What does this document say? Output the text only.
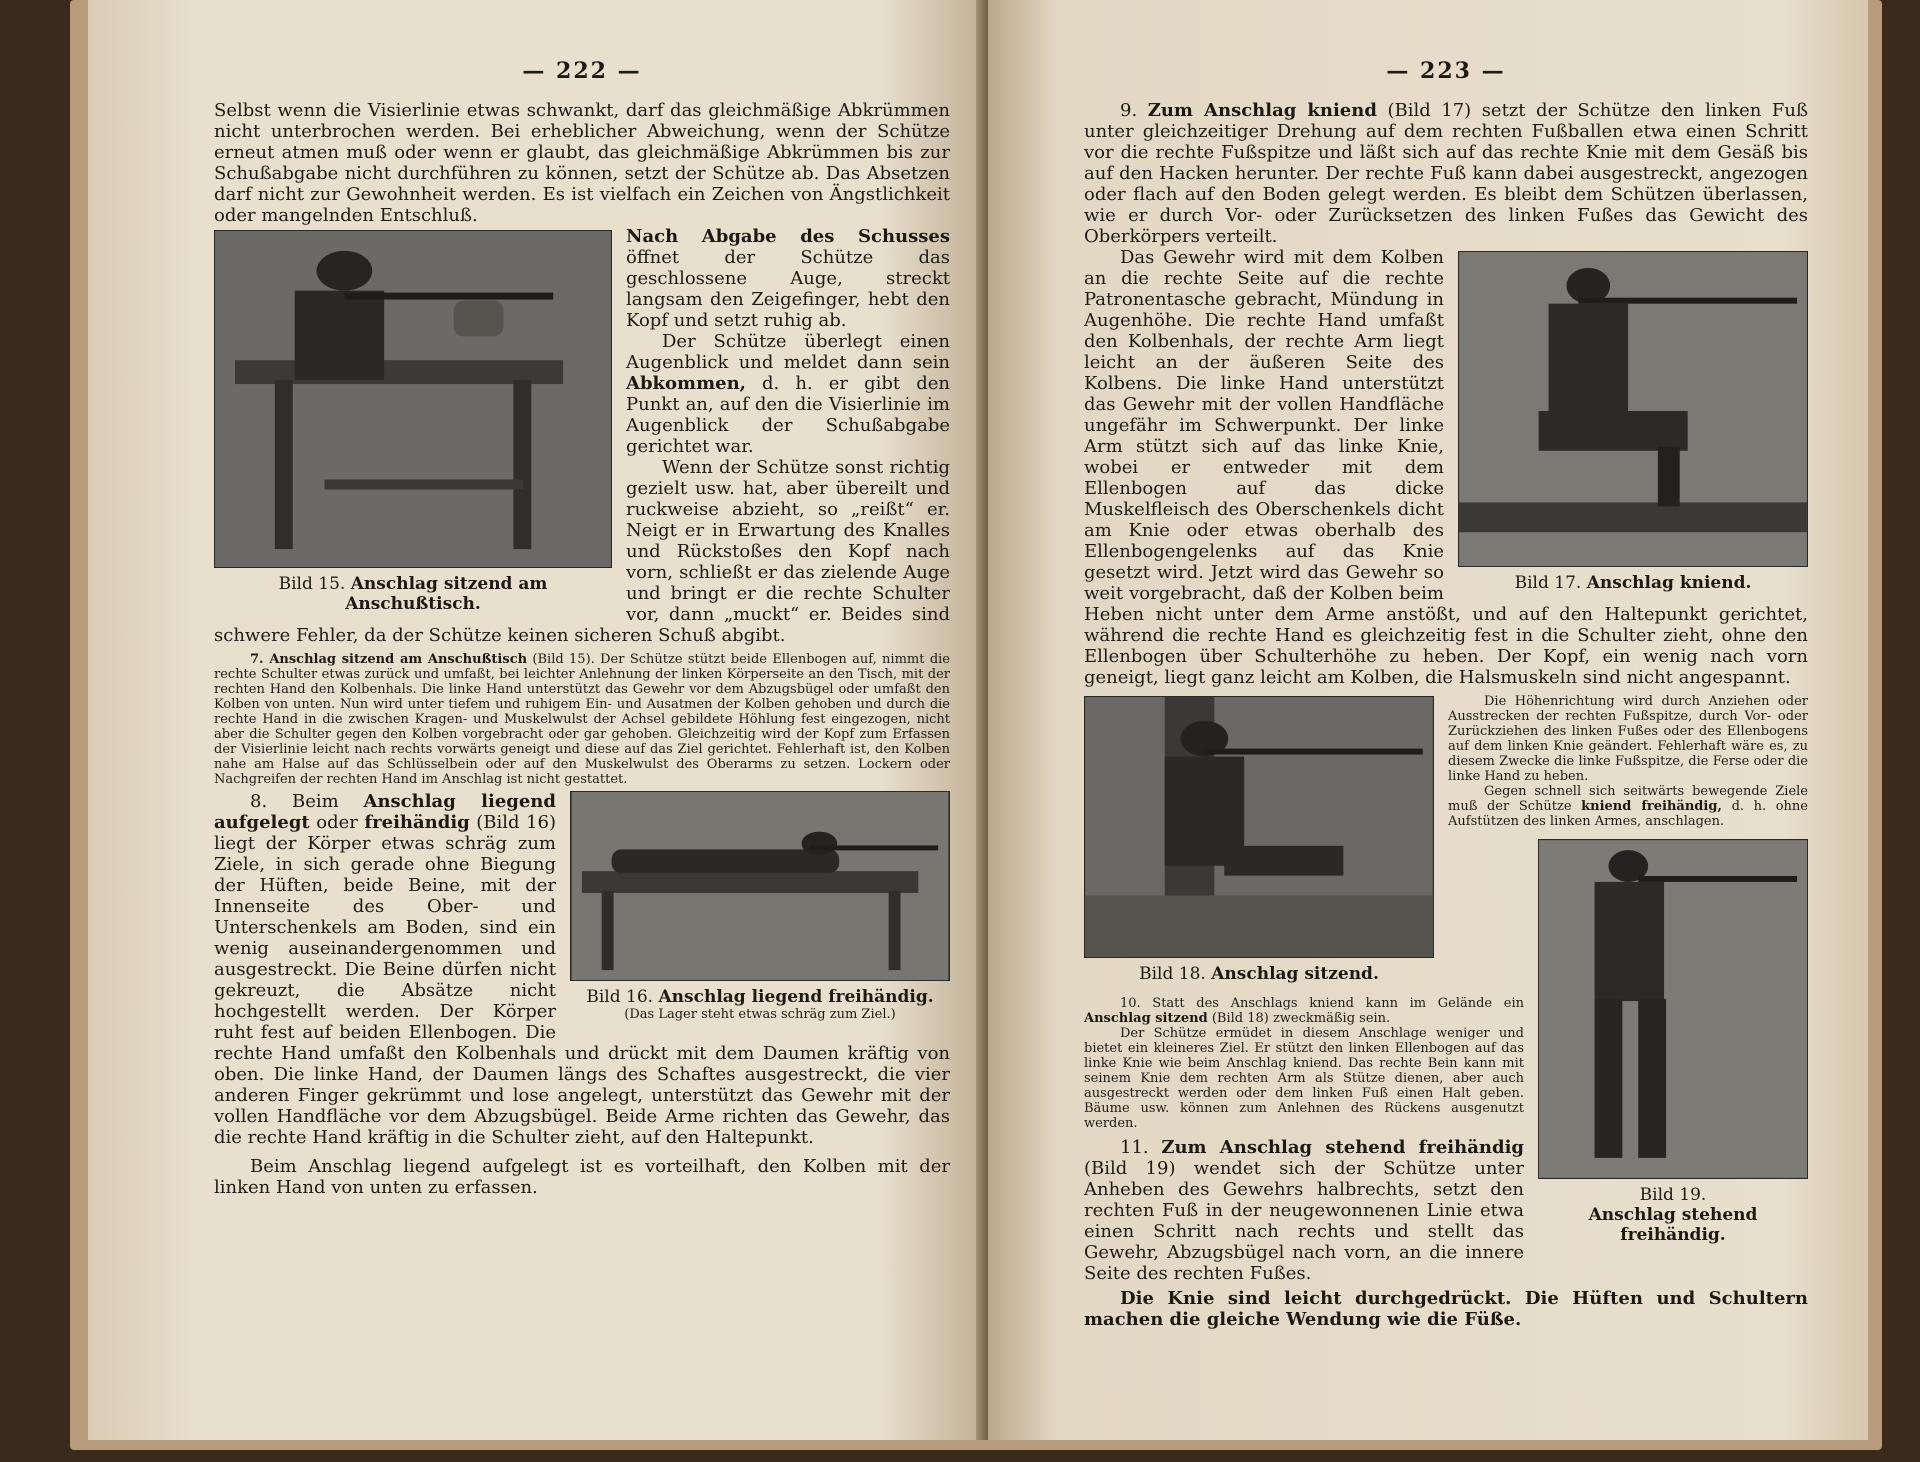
— 222 —

Selbst wenn die Visierlinie etwas schwankt, darf das gleichmäßige Abkrümmen nicht unterbrochen werden. Bei erheblicher Abweichung, wenn der Schütze erneut atmen muß oder wenn er glaubt, das gleichmäßige Abkrümmen bis zur Schußabgabe nicht durchführen zu können, setzt der Schütze ab. Das Absetzen darf nicht zur Gewohnheit werden. Es ist vielfach ein Zeichen von Ängstlichkeit oder mangelnden Entschluß.

Bild 15. Anschlag sitzend am Anschußtisch.

Nach Abgabe des Schusses öffnet der Schütze das geschlossene Auge, streckt langsam den Zeigefinger, hebt den Kopf und setzt ruhig ab.

Der Schütze überlegt einen Augenblick und meldet dann sein Abkommen, d. h. er gibt den Punkt an, auf den die Visierlinie im Augenblick der Schußabgabe gerichtet war.

Wenn der Schütze sonst richtig gezielt usw. hat, aber übereilt und ruckweise abzieht, so „reißt“ er. Neigt er in Erwartung des Knalles und Rückstoßes den Kopf nach vorn, schließt er das zielende Auge und bringt er die rechte Schulter vor, dann „muckt“ er. Beides sind schwere Fehler, da der Schütze keinen sicheren Schuß abgibt.

7. Anschlag sitzend am Anschußtisch (Bild 15). Der Schütze stützt beide Ellenbogen auf, nimmt die rechte Schulter etwas zurück und umfaßt, bei leichter Anlehnung der linken Körperseite an den Tisch, mit der rechten Hand den Kolbenhals. Die linke Hand unterstützt das Gewehr vor dem Abzugsbügel oder umfaßt den Kolben von unten. Nun wird unter tiefem und ruhigem Ein- und Ausatmen der Kolben gehoben und durch die rechte Hand in die zwischen Kragen- und Muskelwulst der Achsel gebildete Höhlung fest eingezogen, nicht aber die Schulter gegen den Kolben vorgebracht oder gar gehoben. Gleichzeitig wird der Kopf zum Erfassen der Visierlinie leicht nach rechts vorwärts geneigt und diese auf das Ziel gerichtet. Fehlerhaft ist, den Kolben nahe am Halse auf das Schlüsselbein oder auf den Muskelwulst des Oberarms zu setzen. Lockern oder Nachgreifen der rechten Hand im Anschlag ist nicht gestattet.

Bild 16. Anschlag liegend freihändig.
(Das Lager steht etwas schräg zum Ziel.)

8. Beim Anschlag liegend aufgelegt oder freihändig (Bild 16) liegt der Körper etwas schräg zum Ziele, in sich gerade ohne Biegung der Hüften, beide Beine, mit der Innenseite des Ober- und Unterschenkels am Boden, sind ein wenig auseinandergenommen und ausgestreckt. Die Beine dürfen nicht gekreuzt, die Absätze nicht hochgestellt werden. Der Körper ruht fest auf beiden Ellenbogen. Die rechte Hand umfaßt den Kolbenhals und drückt mit dem Daumen kräftig von oben. Die linke Hand, der Daumen längs des Schaftes ausgestreckt, die vier anderen Finger gekrümmt und lose angelegt, unterstützt das Gewehr mit der vollen Handfläche vor dem Abzugsbügel. Beide Arme richten das Gewehr, das die rechte Hand kräftig in die Schulter zieht, auf den Haltepunkt.

Beim Anschlag liegend aufgelegt ist es vorteilhaft, den Kolben mit der linken Hand von unten zu erfassen.

— 223 —

9. Zum Anschlag kniend (Bild 17) setzt der Schütze den linken Fuß unter gleichzeitiger Drehung auf dem rechten Fußballen etwa einen Schritt vor die rechte Fußspitze und läßt sich auf das rechte Knie mit dem Gesäß bis auf den Hacken herunter. Der rechte Fuß kann dabei ausgestreckt, angezogen oder flach auf den Boden gelegt werden. Es bleibt dem Schützen überlassen, wie er durch Vor- oder Zurücksetzen des linken Fußes das Gewicht des Oberkörpers verteilt.

Bild 17. Anschlag kniend.

Das Gewehr wird mit dem Kolben an die rechte Seite auf die rechte Patronentasche gebracht, Mündung in Augenhöhe. Die rechte Hand umfaßt den Kolbenhals, der rechte Arm liegt leicht an der äußeren Seite des Kolbens. Die linke Hand unterstützt das Gewehr mit der vollen Handfläche ungefähr im Schwerpunkt. Der linke Arm stützt sich auf das linke Knie, wobei er entweder mit dem Ellenbogen auf das dicke Muskelfleisch des Oberschenkels dicht am Knie oder etwas oberhalb des Ellenbogengelenks auf das Knie gesetzt wird. Jetzt wird das Gewehr so weit vorgebracht, daß der Kolben beim Heben nicht unter dem Arme anstößt, und auf den Haltepunkt gerichtet, während die rechte Hand es gleichzeitig fest in die Schulter zieht, ohne den Ellenbogen über Schulterhöhe zu heben. Der Kopf, ein wenig nach vorn geneigt, liegt ganz leicht am Kolben, die Halsmuskeln sind nicht angespannt.

Bild 18. Anschlag sitzend.

Die Höhenrichtung wird durch Anziehen oder Ausstrecken der rechten Fußspitze, durch Vor- oder Zurückziehen des linken Fußes oder des Ellenbogens auf dem linken Knie geändert. Fehlerhaft wäre es, zu diesem Zwecke die linke Fußspitze, die Ferse oder die linke Hand zu heben.

Gegen schnell sich seitwärts bewegende Ziele muß der Schütze kniend freihändig, d. h. ohne Aufstützen des linken Armes, anschlagen.

Bild 19.
Anschlag stehend freihändig.

10. Statt des Anschlags kniend kann im Gelände ein Anschlag sitzend (Bild 18) zweckmäßig sein.

Der Schütze ermüdet in diesem Anschlage weniger und bietet ein kleineres Ziel. Er stützt den linken Ellenbogen auf das linke Knie wie beim Anschlag kniend. Das rechte Bein kann mit seinem Knie dem rechten Arm als Stütze dienen, aber auch ausgestreckt werden oder dem linken Fuß einen Halt geben. Bäume usw. können zum Anlehnen des Rückens ausgenutzt werden.

11. Zum Anschlag stehend freihändig (Bild 19) wendet sich der Schütze unter Anheben des Gewehrs halbrechts, setzt den rechten Fuß in der neugewonnenen Linie etwa einen Schritt nach rechts und stellt das Gewehr, Abzugsbügel nach vorn, an die innere Seite des rechten Fußes.

Die Knie sind leicht durchgedrückt. Die Hüften und Schultern machen die gleiche Wendung wie die Füße.
